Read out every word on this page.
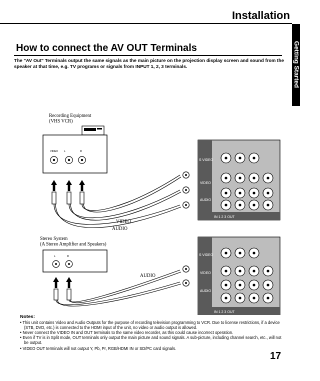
Installation
Getting Started
How to connect the AV OUT Terminals
The "AV Out" Terminals output the same signals as the main picture on the projection display screen and sound from the speaker at that time, e.g. TV programs or signals from INPUT 1, 2, 3 terminals.
Recording Equipment
(VHS VCR)
VIDEO L	R
VIDEO
AUDIO
S VIDEO
VIDEO
AUDIO
IN 1 2 3 OUT
Stereo System
(A Stereo Amplifier and Speakers)
L	R
AUDIO
S VIDEO
VIDEO
AUDIO
IN 1 2 3 OUT
Notes:
• This unit contains Video and Audio Outputs for the purpose of recording television programming to VCR. Due to license restrictions, if a device (STB, DVD, etc.) is connected to the HDMI input of the unit, no video or audio output is allowed.
• Never connect the VIDEO IN and OUT terminals to the same video recorder, as this could cause incorrect operation.
• Even if TV is in Split mode, OUT terminals only output the main picture and sound signals. A sub-picture, including channel search, etc., will not be output.
• VIDEO OUT terminals will not output Y, Pb, Pr, RGB/HDMI IN or SD/PC card signals.
17
